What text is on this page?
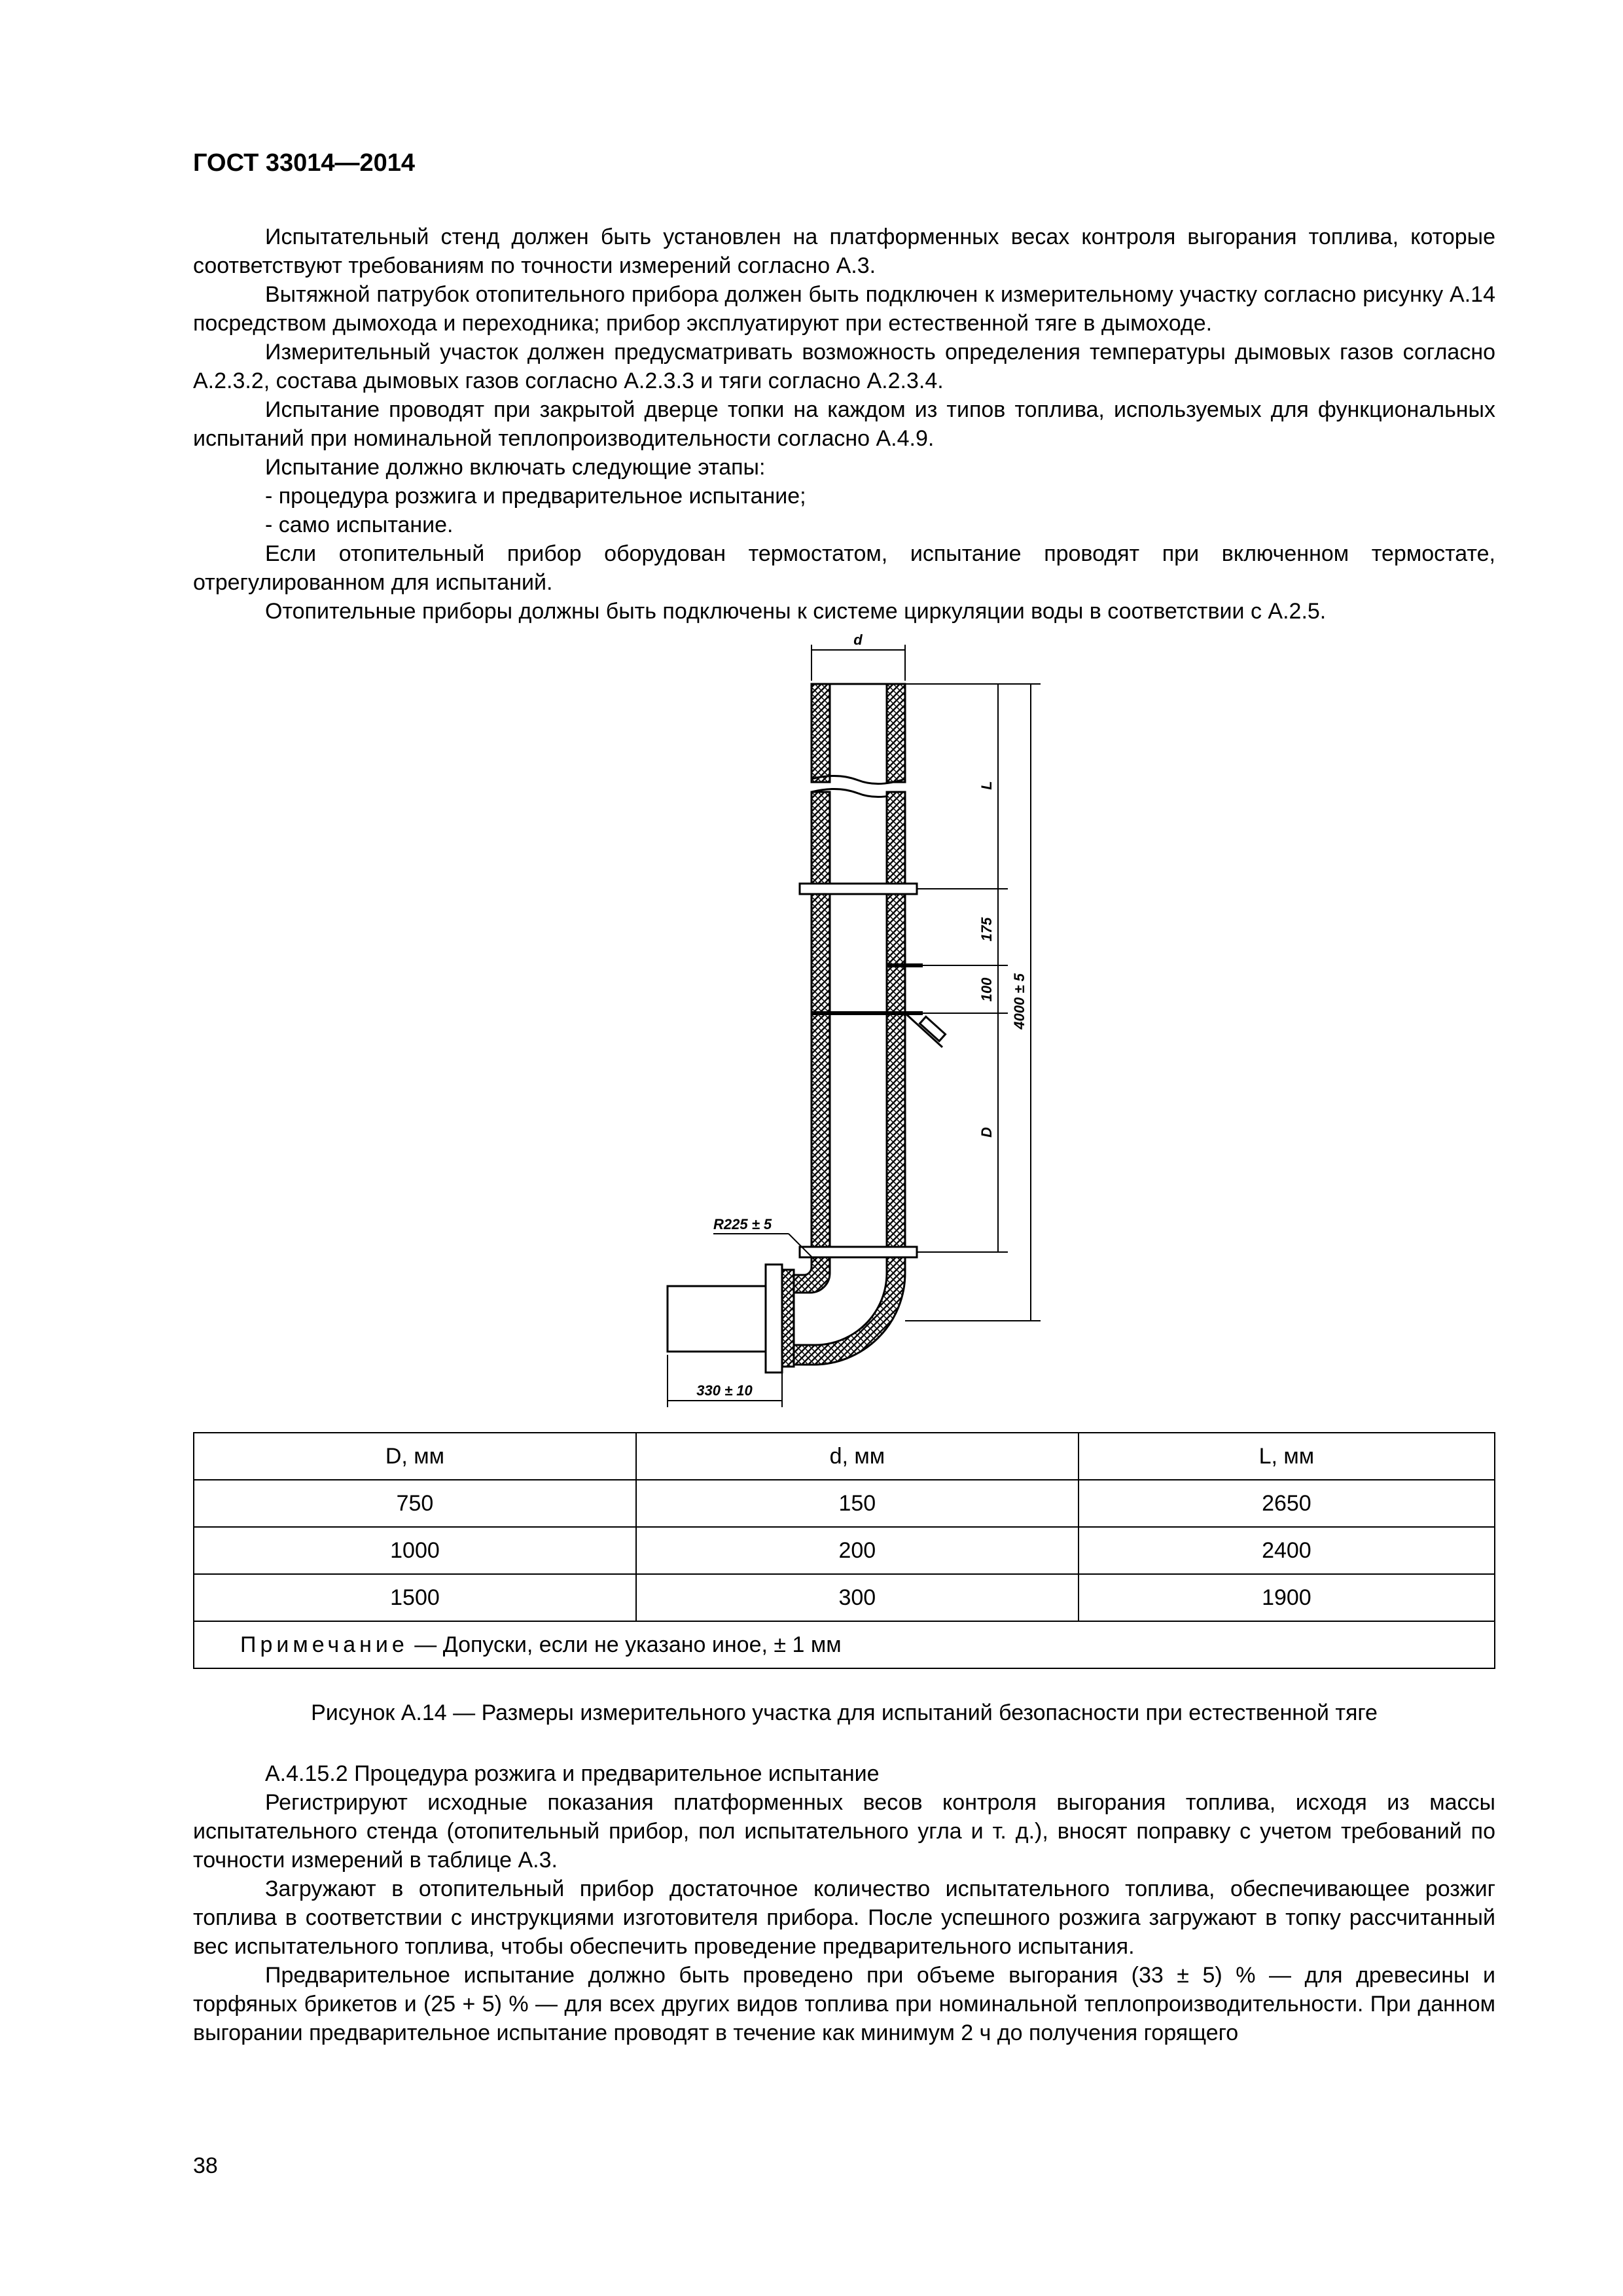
ГОСТ 33014—2014

Испытательный стенд должен быть установлен на платформенных весах контроля выгорания топлива, которые соответствуют требованиям по точности измерений согласно А.3.

Вытяжной патрубок отопительного прибора должен быть подключен к измерительному участку согласно рисунку А.14 посредством дымохода и переходника; прибор эксплуатируют при естественной тяге в дымоходе.

Измерительный участок должен предусматривать возможность определения температуры дымовых газов согласно А.2.3.2, состава дымовых газов согласно А.2.3.3 и тяги согласно А.2.3.4.

Испытание проводят при закрытой дверце топки на каждом из типов топлива, используемых для функциональных испытаний при номинальной теплопроизводительности согласно А.4.9.

Испытание должно включать следующие этапы:

- процедура розжига и предварительное испытание;

- само испытание.

Если отопительный прибор оборудован термостатом, испытание проводят при включенном термостате, отрегулированном для испытаний.

Отопительные приборы должны быть подключены к системе циркуляции воды в соответствии с А.2.5.

d
L
175
100
D
4000 ± 5
R225 ± 5
330 ± 10
D, мм	d, мм	L, мм
750	150	2650
1000	200	2400
1500	300	1900
Примечание — Допуски, если не указано иное, ± 1 мм		
Рисунок А.14 — Размеры измерительного участка для испытаний безопасности при естественной тяге

А.4.15.2 Процедура розжига и предварительное испытание

Регистрируют исходные показания платформенных весов контроля выгорания топлива, исходя из массы испытательного стенда (отопительный прибор, пол испытательного угла и т. д.), вносят поправку с учетом требований по точности измерений в таблице А.3.

Загружают в отопительный прибор достаточное количество испытательного топлива, обеспечивающее розжиг топлива в соответствии с инструкциями изготовителя прибора. После успешного розжига загружают в топку рассчитанный вес испытательного топлива, чтобы обеспечить проведение предварительного испытания.

Предварительное испытание должно быть проведено при объеме выгорания (33 ± 5) % — для древесины и торфяных брикетов и (25 + 5) % — для всех других видов топлива при номинальной теплопроизводительности. При данном выгорании предварительное испытание проводят в течение как минимум 2 ч до получения горящего

38
